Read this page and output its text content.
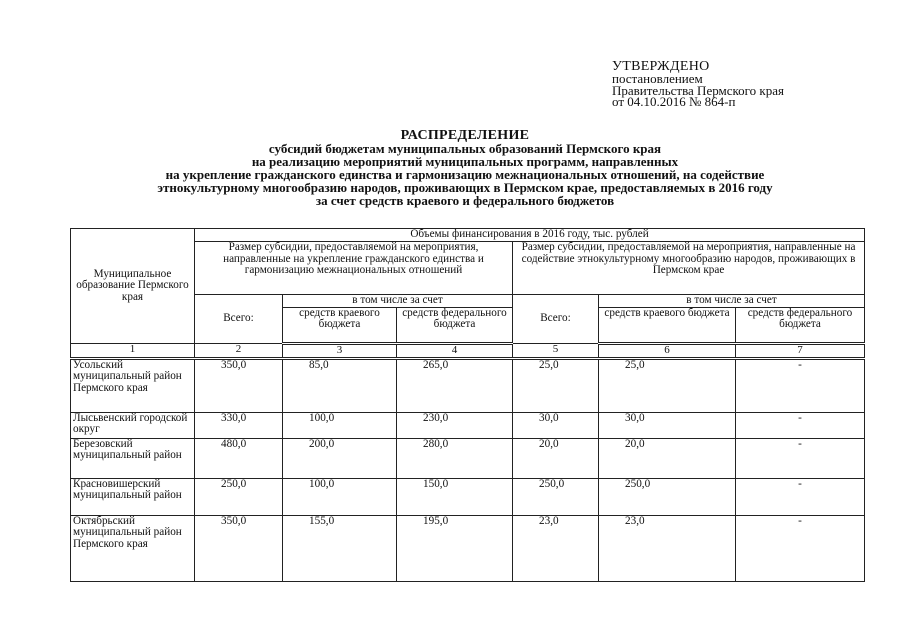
УТВЕРЖДЕНО
постановлением
Правительства Пермского края
от 04.10.2016 № 864-п
РАСПРЕДЕЛЕНИЕ
субсидий бюджетам муниципальных образований Пермского края
на реализацию мероприятий муниципальных программ, направленных
на укрепление гражданского единства и гармонизацию межнациональных отношений, на содействие
этнокультурному многообразию народов, проживающих в Пермском крае, предоставляемых в 2016 году
за счет средств краевого и федерального бюджетов
Муниципальное образование Пермского края	Объемы финансирования в 2016 году, тыс. рублей					
	Размер субсидии, предоставляемой на мероприятия, направленные на укрепление гражданского единства и гармонизацию межнациональных отношений			Размер субсидии, предоставляемой на мероприятия, направленные на содействие этнокультурному многообразию народов, проживающих в Пермском крае		
	Всего:	в том числе за счет		Всего:	в том числе за счет	
		средств краевого бюджета	средств федерального бюджета		средств краевого бюджета	средств федерального бюджета
1	2	3	4	5	6	7
Усольский муниципальный район Пермского края	350,0	85,0	265,0	25,0	25,0	-
Лысьвенский городской округ	330,0	100,0	230,0	30,0	30,0	-
Березовский муниципальный район	480,0	200,0	280,0	20,0	20,0	-
Красновишерский муниципальный район	250,0	100,0	150,0	250,0	250,0	-
Октябрьский муниципальный район Пермского края	350,0	155,0	195,0	23,0	23,0	-
